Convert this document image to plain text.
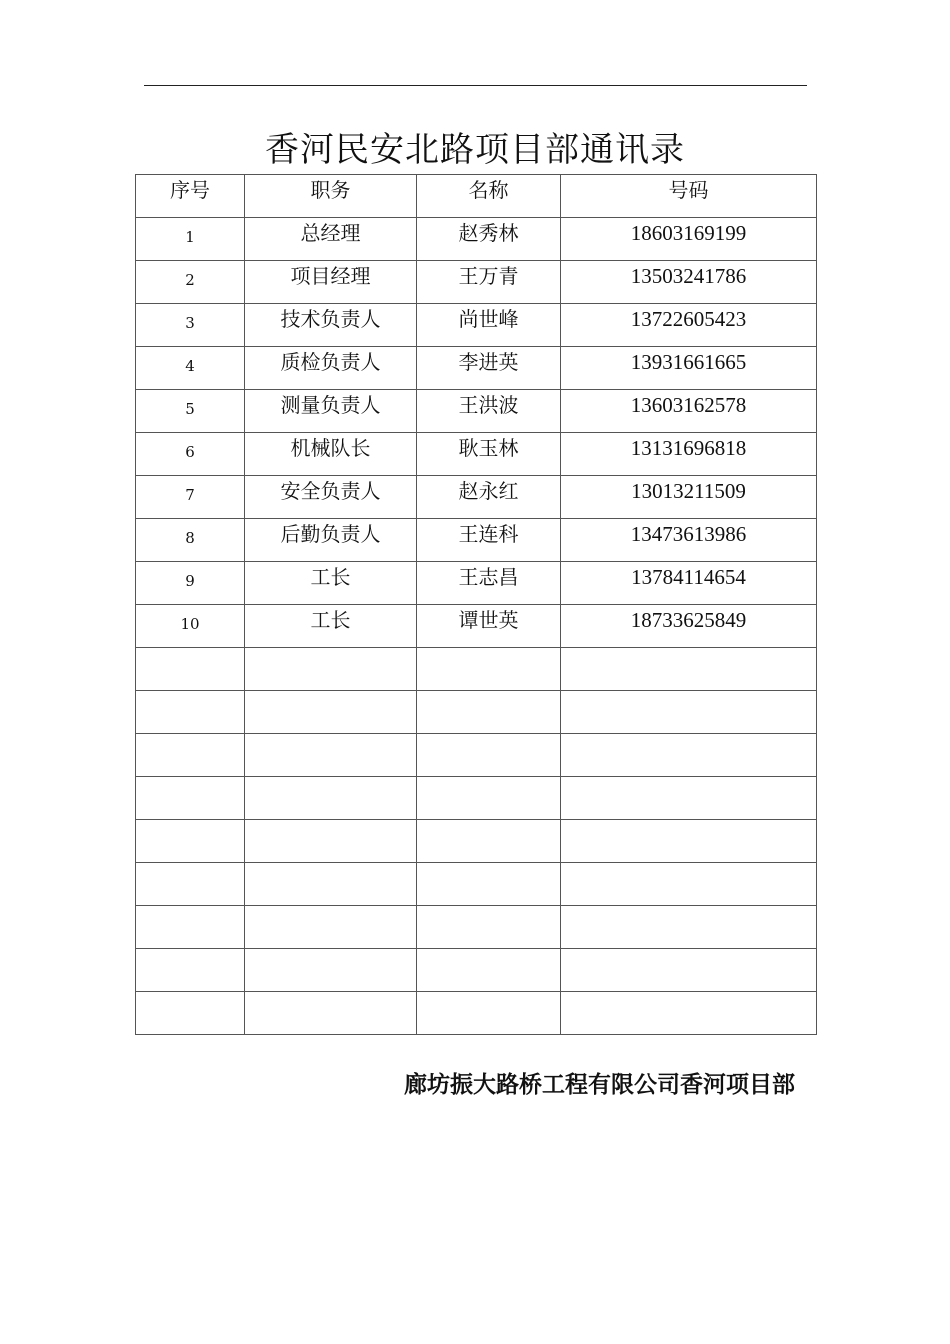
香河民安北路项目部通讯录
序号	职务	名称	号码
1	总经理	赵秀林	18603169199
2	项目经理	王万青	13503241786
3	技术负责人	尚世峰	13722605423
4	质检负责人	李进英	13931661665
5	测量负责人	王洪波	13603162578
6	机械队长	耿玉林	13131696818
7	安全负责人	赵永红	13013211509
8	后勤负责人	王连科	13473613986
9	工长	王志昌	13784114654
10	工长	谭世英	18733625849

廊坊振大路桥工程有限公司香河项目部
